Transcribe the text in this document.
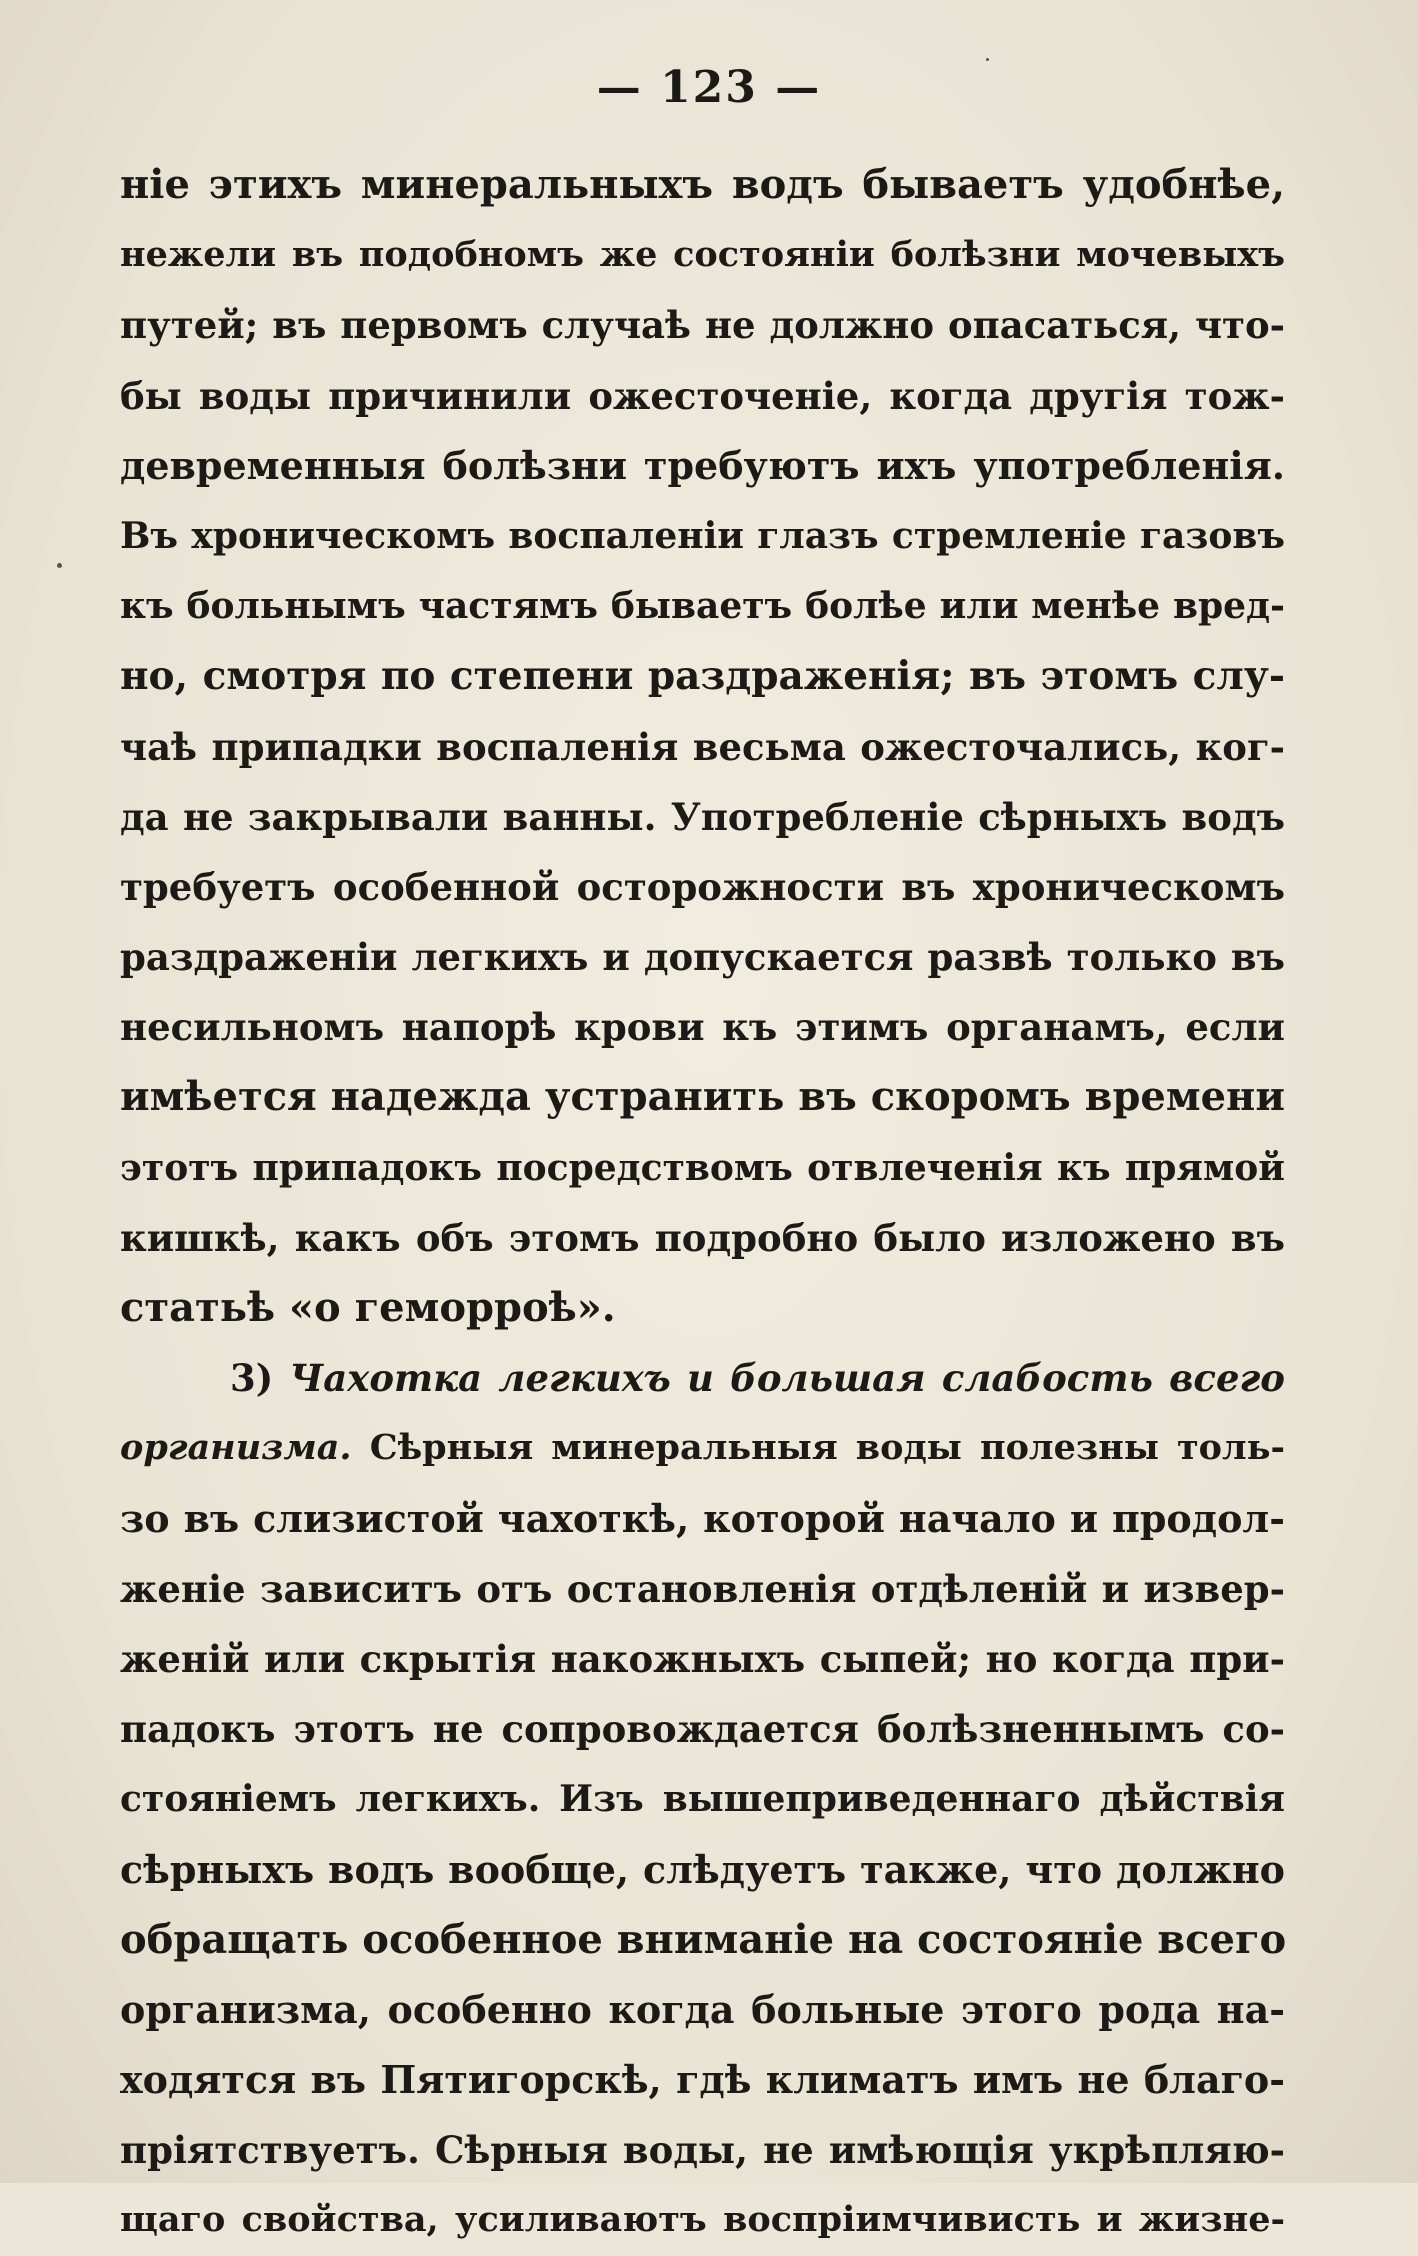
— 123 —
ніе этихъ минеральныхъ водъ бываетъ удобнѣе,
нежели въ подобномъ же состояніи болѣзни мочевыхъ
путей; въ первомъ случаѣ не должно опасаться, что-
бы воды причинили ожесточеніе, когда другія тож-
девременныя болѣзни требуютъ ихъ употребленія.
Въ хроническомъ воспаленіи глазъ стремленіе газовъ
къ больнымъ частямъ бываетъ болѣе или менѣе вред-
но, смотря по степени раздраженія; въ этомъ слу-
чаѣ припадки воспаленія весьма ожесточались, ког-
да не закрывали ванны. Употребленіе сѣрныхъ водъ
требуетъ особенной осторожности въ хроническомъ
раздраженіи легкихъ и допускается развѣ только въ
несильномъ напорѣ крови къ этимъ органамъ, если
имѣется надежда устранить въ скоромъ времени
этотъ припадокъ посредствомъ отвлеченія къ прямой
кишкѣ, какъ объ этомъ подробно было изложено въ
статьѣ «о геморроѣ».
3) Чахотка легкихъ и большая слабость всего
организма. Сѣрныя минеральныя воды полезны толь-
зо въ слизистой чахоткѣ, которой начало и продол-
женіе зависитъ отъ остановленія отдѣленій и извер-
женій или скрытія накожныхъ сыпей; но когда при-
падокъ этотъ не сопровождается болѣзненнымъ со-
стояніемъ легкихъ. Изъ вышеприведеннаго дѣйствія
сѣрныхъ водъ вообще, слѣдуетъ также, что должно
обращать особенное вниманіе на состояніе всего
организма, особенно когда больные этого рода на-
ходятся въ Пятигорскѣ, гдѣ климатъ имъ не благо-
пріятствуетъ. Сѣрныя воды, не имѣющія укрѣпляю-
щаго свойства, усиливаютъ воспріимчивисть и жизне-
